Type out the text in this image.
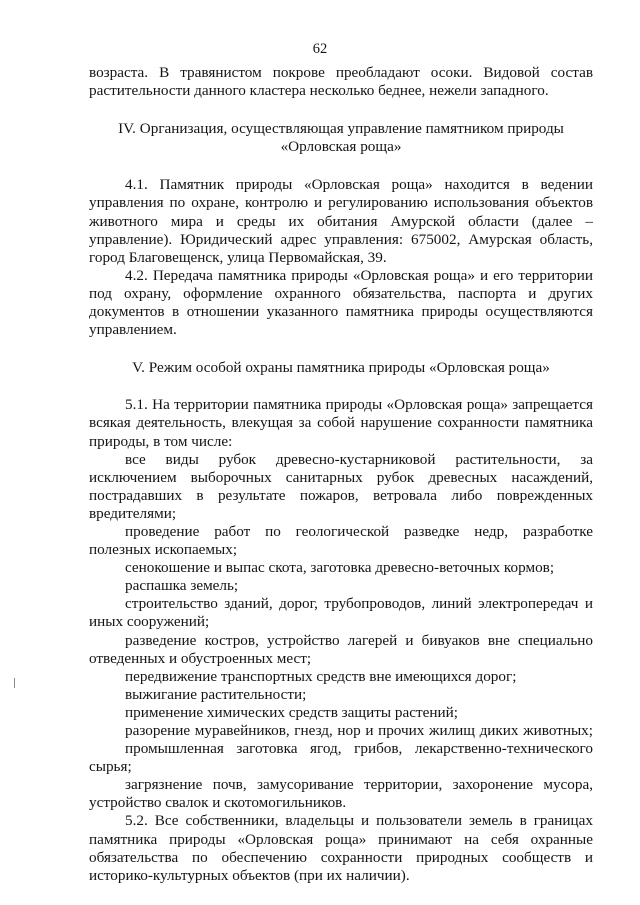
62

возраста. В травянистом покрове преобладают осоки. Видовой состав

растительности данного кластера несколько беднее, нежели западного.

IV. Организация, осуществляющая управление памятником природы

«Орловская роща»

4.1. Памятник природы «Орловская роща» находится в ведении

управления по охране, контролю и регулированию использования объектов

животного мира и среды их обитания Амурской области (далее –

управление). Юридический адрес управления: 675002, Амурская область,

город Благовещенск, улица Первомайская, 39.

4.2. Передача памятника природы «Орловская роща» и его территории

под охрану, оформление охранного обязательства, паспорта и других

документов в отношении указанного памятника природы осуществляются

управлением.

V. Режим особой охраны памятника природы «Орловская роща»

5.1. На территории памятника природы «Орловская роща» запрещается

всякая деятельность, влекущая за собой нарушение сохранности памятника

природы, в том числе:

все виды рубок древесно-кустарниковой растительности, за

исключением выборочных санитарных рубок древесных насаждений,

пострадавших в результате пожаров, ветровала либо поврежденных

вредителями;

проведение работ по геологической разведке недр, разработке

полезных ископаемых;

сенокошение и выпас скота, заготовка древесно-веточных кормов;

распашка земель;

строительство зданий, дорог, трубопроводов, линий электропередач и

иных сооружений;

разведение костров, устройство лагерей и бивуаков вне специально

отведенных и обустроенных мест;

передвижение транспортных средств вне имеющихся дорог;

выжигание растительности;

применение химических средств защиты растений;

разорение муравейников, гнезд, нор и прочих жилищ диких животных;

промышленная заготовка ягод, грибов, лекарственно-технического

сырья;

загрязнение почв, замусоривание территории, захоронение мусора,

устройство свалок и скотомогильников.

5.2. Все собственники, владельцы и пользователи земель в границах

памятника природы «Орловская роща» принимают на себя охранные

обязательства по обеспечению сохранности природных сообществ и

историко-культурных объектов (при их наличии).
